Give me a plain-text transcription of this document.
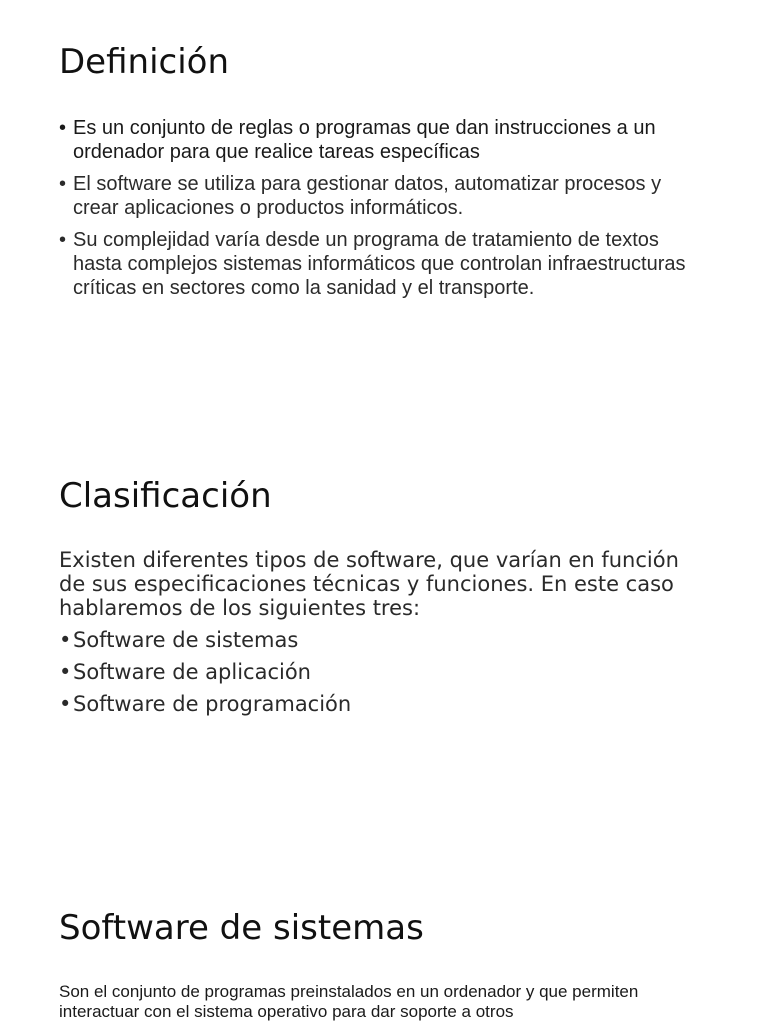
Definición
• Es un conjunto de reglas o programas que dan instrucciones a un ordenador para que realice tareas específicas
• El software se utiliza para gestionar datos, automatizar procesos y crear aplicaciones o productos informáticos.
• Su complejidad varía desde un programa de tratamiento de textos hasta complejos sistemas informáticos que controlan infraestructuras críticas en sectores como la sanidad y el transporte.
Clasificación

Existen diferentes tipos de software, que varían en función de sus especificaciones técnicas y funciones. En este caso hablaremos de los siguientes tres:

• Software de sistemas
• Software de aplicación
• Software de programación
Software de sistemas

Son el conjunto de programas preinstalados en un ordenador y que permiten interactuar con el sistema operativo para dar soporte a otros
